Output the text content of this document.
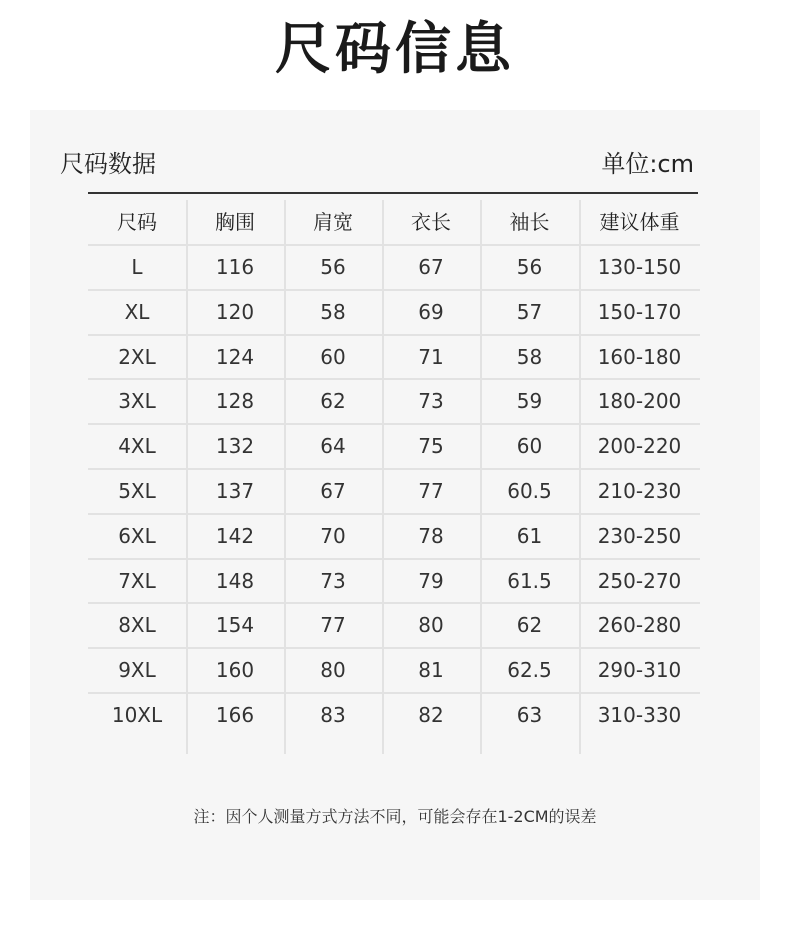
尺码信息
尺码数据	单位:cm
尺码	胸围	肩宽	衣长	袖长	建议体重
L	116	56	67	56	130-150
XL	120	58	69	57	150-170
2XL	124	60	71	58	160-180
3XL	128	62	73	59	180-200
4XL	132	64	75	60	200-220
5XL	137	67	77	60.5	210-230
6XL	142	70	78	61	230-250
7XL	148	73	79	61.5	250-270
8XL	154	77	80	62	260-280
9XL	160	80	81	62.5	290-310
10XL	166	83	82	63	310-330
注：因个人测量方式方法不同，可能会存在1-2CM的误差
